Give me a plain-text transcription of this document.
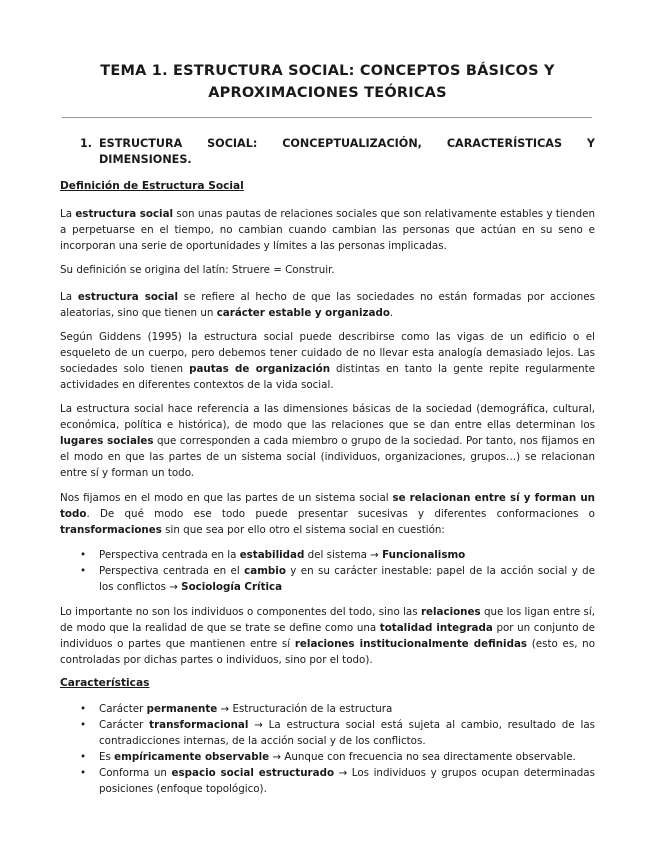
TEMA 1. ESTRUCTURA SOCIAL: CONCEPTOS BÁSICOS Y
APROXIMACIONES TEÓRICAS
1. ESTRUCTURA SOCIAL: CONCEPTUALIZACIÓN, CARACTERÍSTICAS Y
DIMENSIONES.
Definición de Estructura Social
La estructura social son unas pautas de relaciones sociales que son relativamente estables y tienden a perpetuarse en el tiempo, no cambian cuando cambian las personas que actúan en su seno e incorporan una serie de oportunidades y límites a las personas implicadas.
Su definición se origina del latín: Struere = Construir.
La estructura social se refiere al hecho de que las sociedades no están formadas por acciones aleatorias, sino que tienen un carácter estable y organizado.
Según Giddens (1995) la estructura social puede describirse como las vigas de un edificio o el esqueleto de un cuerpo, pero debemos tener cuidado de no llevar esta analogía demasiado lejos. Las sociedades solo tienen pautas de organización distintas en tanto la gente repite regularmente actividades en diferentes contextos de la vida social.
La estructura social hace referencia a las dimensiones básicas de la sociedad (demográfica, cultural, económica, política e histórica), de modo que las relaciones que se dan entre ellas determinan los lugares sociales que corresponden a cada miembro o grupo de la sociedad. Por tanto, nos fijamos en el modo en que las partes de un sistema social (individuos, organizaciones, grupos…) se relacionan entre sí y forman un todo.
Nos fijamos en el modo en que las partes de un sistema social se relacionan entre sí y forman un todo. De qué modo ese todo puede presentar sucesivas y diferentes conformaciones o transformaciones sin que sea por ello otro el sistema social en cuestión:
• Perspectiva centrada en la estabilidad del sistema → Funcionalismo
• Perspectiva centrada en el cambio y en su carácter inestable: papel de la acción social y de los conflictos → Sociología Crítica
Lo importante no son los individuos o componentes del todo, sino las relaciones que los ligan entre sí, de modo que la realidad de que se trate se define como una totalidad integrada por un conjunto de individuos o partes que mantienen entre sí relaciones institucionalmente definidas (esto es, no controladas por dichas partes o individuos, sino por el todo).
Características
• Carácter permanente → Estructuración de la estructura
• Carácter transformacional → La estructura social está sujeta al cambio, resultado de las contradicciones internas, de la acción social y de los conflictos.
• Es empíricamente observable → Aunque con frecuencia no sea directamente observable.
• Conforma un espacio social estructurado → Los individuos y grupos ocupan determinadas posiciones (enfoque topológico).
